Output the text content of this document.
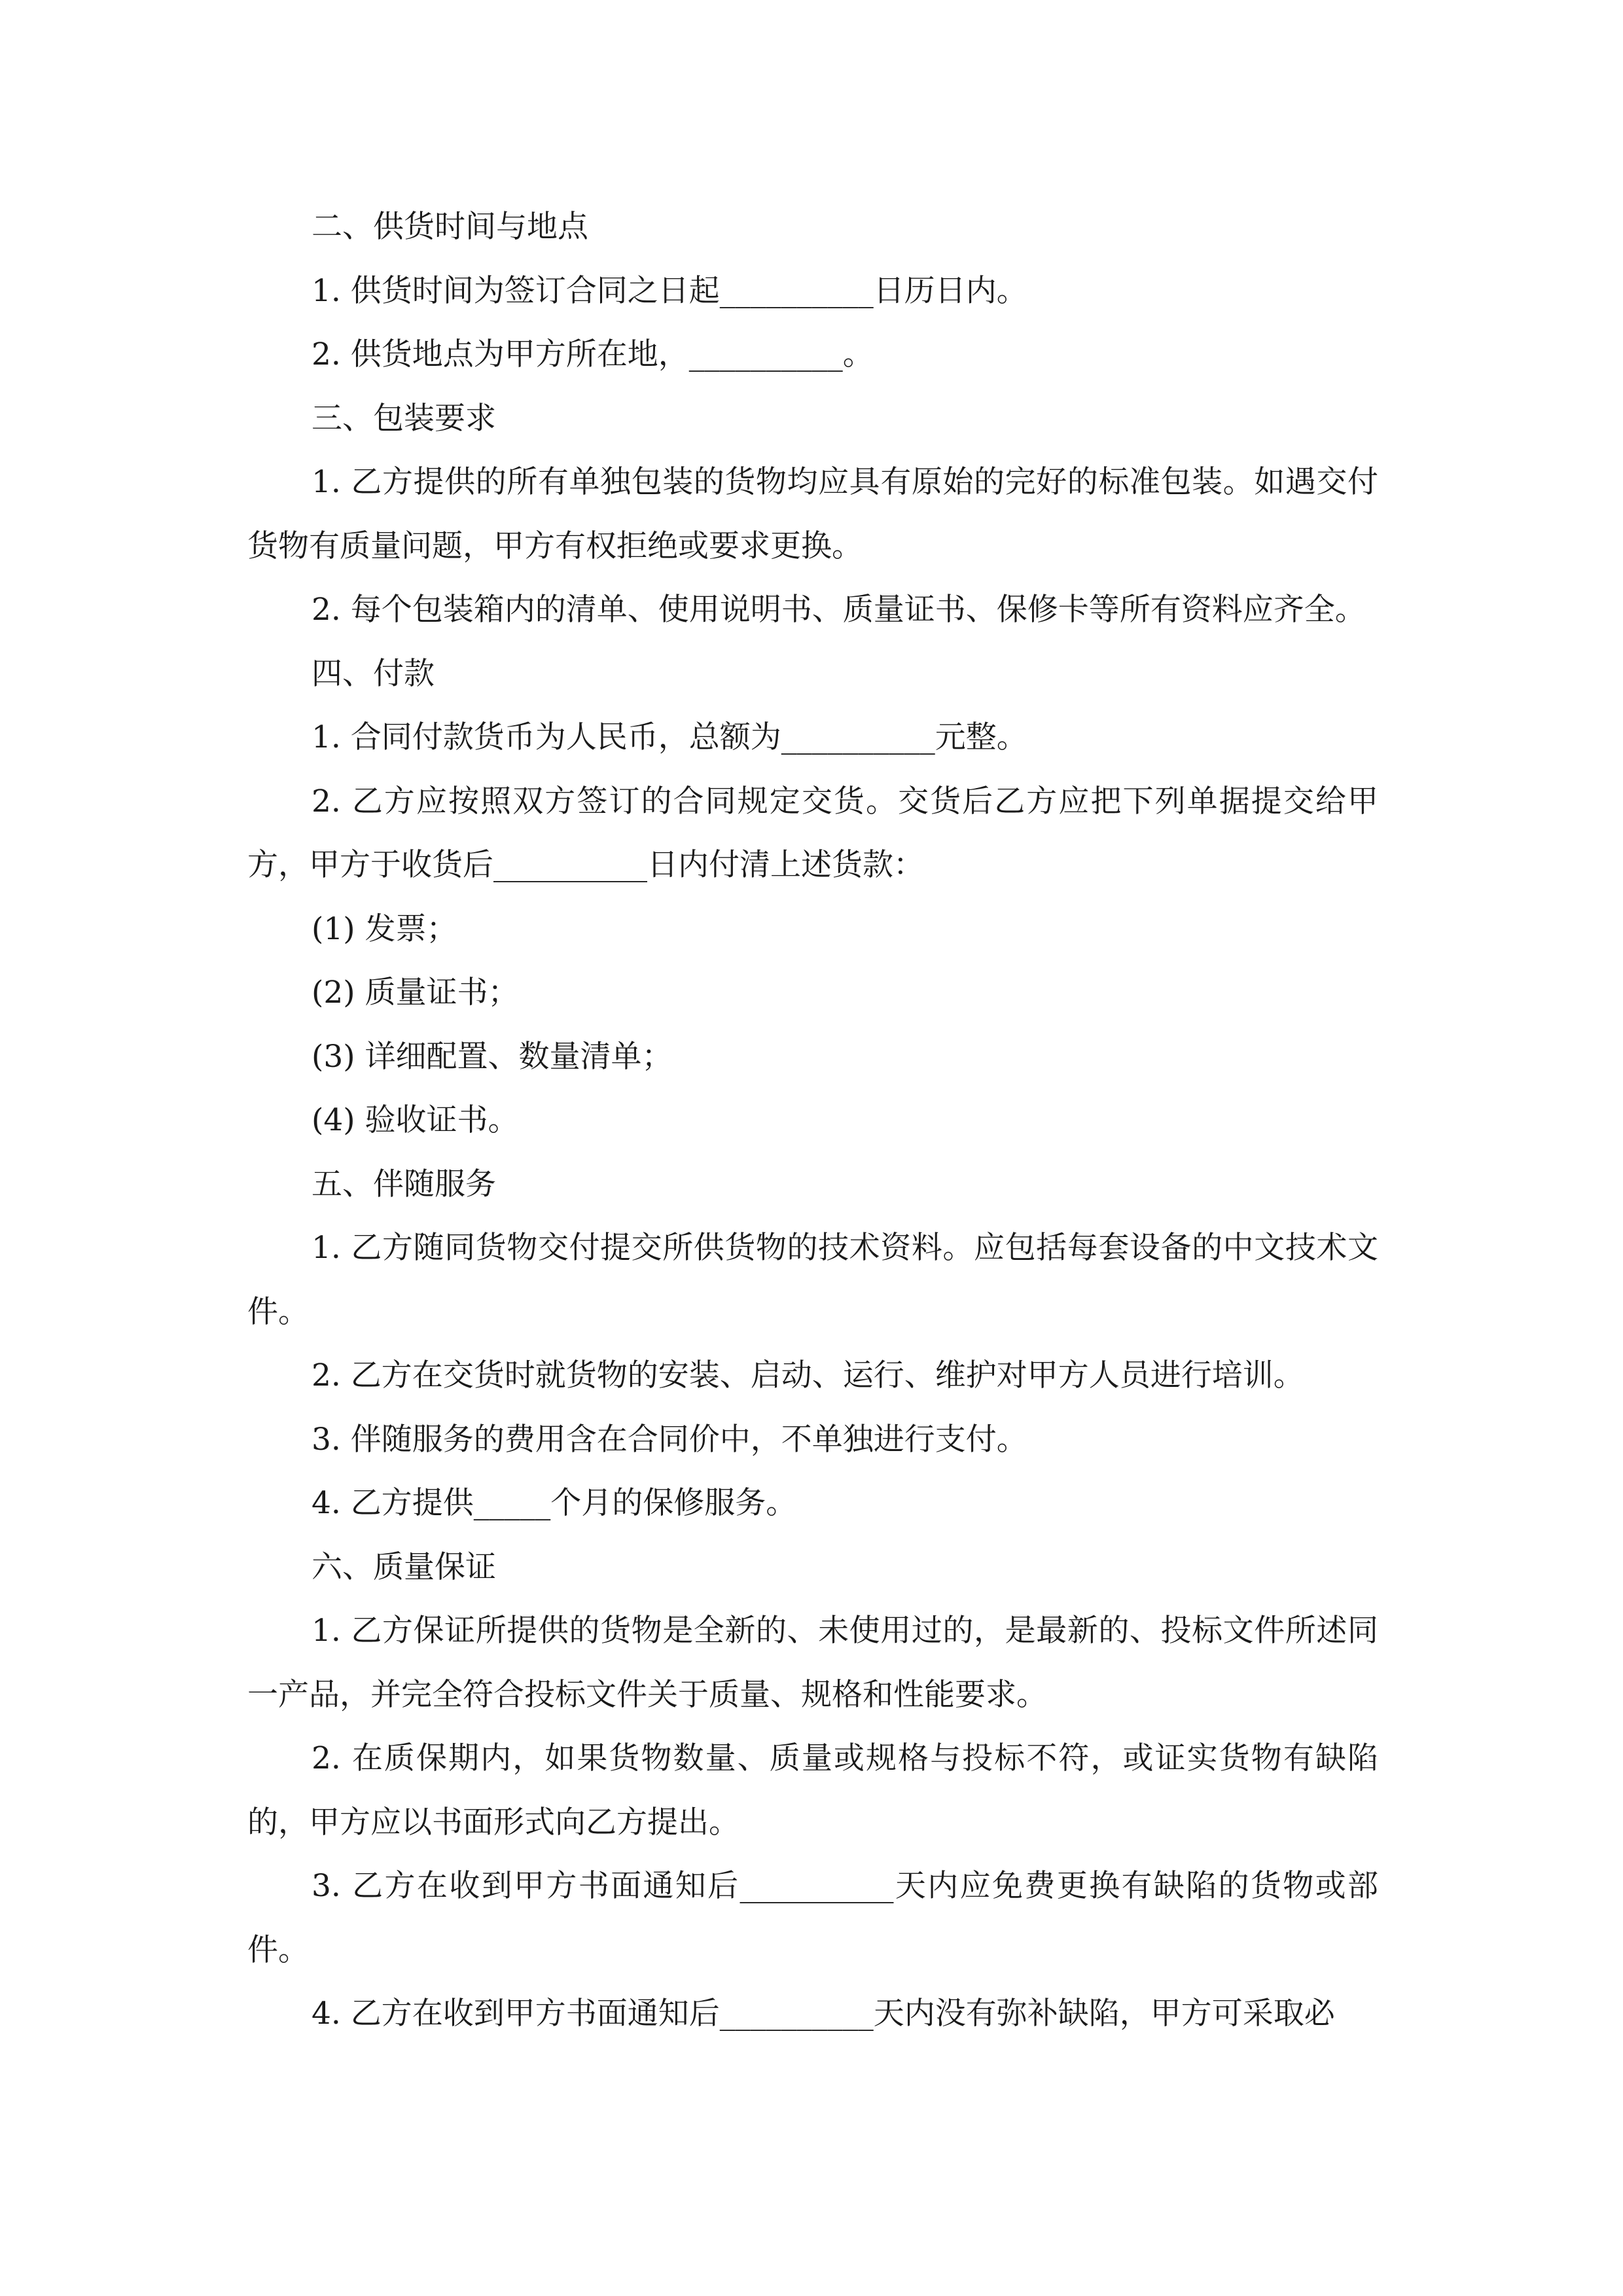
二、供货时间与地点

1. 供货时间为签订合同之日起__________日历日内。

2. 供货地点为甲方所在地，__________。

三、包装要求

1. 乙方提供的所有单独包装的货物均应具有原始的完好的标准包装。如遇交付货物有质量问题，甲方有权拒绝或要求更换。

2. 每个包装箱内的清单、使用说明书、质量证书、保修卡等所有资料应齐全。

四、付款

1. 合同付款货币为人民币，总额为__________元整。

2. 乙方应按照双方签订的合同规定交货。交货后乙方应把下列单据提交给甲方，甲方于收货后__________日内付清上述货款：

(1) 发票；

(2) 质量证书；

(3) 详细配置、数量清单；

(4) 验收证书。

五、伴随服务

1. 乙方随同货物交付提交所供货物的技术资料。应包括每套设备的中文技术文件。

2. 乙方在交货时就货物的安装、启动、运行、维护对甲方人员进行培训。

3. 伴随服务的费用含在合同价中，不单独进行支付。

4. 乙方提供_____个月的保修服务。

六、质量保证

1. 乙方保证所提供的货物是全新的、未使用过的，是最新的、投标文件所述同一产品，并完全符合投标文件关于质量、规格和性能要求。

2. 在质保期内，如果货物数量、质量或规格与投标不符，或证实货物有缺陷的，甲方应以书面形式向乙方提出。

3. 乙方在收到甲方书面通知后__________天内应免费更换有缺陷的货物或部件。

4. 乙方在收到甲方书面通知后__________天内没有弥补缺陷，甲方可采取必
